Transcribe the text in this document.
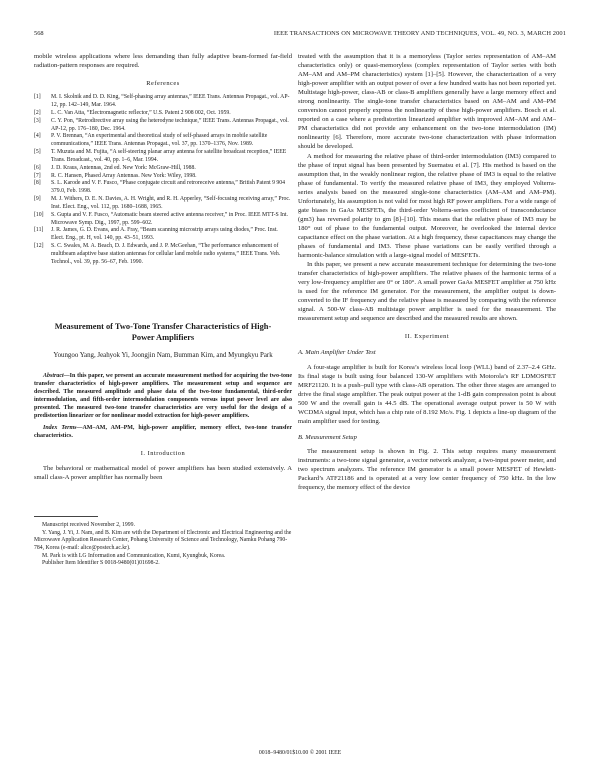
568	IEEE TRANSACTIONS ON MICROWAVE THEORY AND TECHNIQUES, VOL. 49, NO. 3, MARCH 2001

mobile wireless applications where less demanding than fully adaptive beam-formed far-field radiation-pattern responses are required.

References
[1] M. I. Skolnik and D. D. King, “Self-phasing array antennas,” IEEE Trans. Antennas Propagat., vol. AP-12, pp. 142–149, Mar. 1964.
[2] L. C. Van Atta, “Electromagnetic reflector,” U.S. Patent 2 908 002, Oct. 1959.
[3] C. Y. Pon, “Retrodirective array using the heterodyne technique,” IEEE Trans. Antennas Propagat., vol. AP-12, pp. 176–180, Dec. 1964.
[4] P. V. Brennan, “An experimental and theoretical study of self-phased arrays in mobile satellite communications,” IEEE Trans. Antennas Propagat., vol. 37, pp. 1370–1376, Nov. 1989.
[5] T. Muzuta and M. Fujita, “A self-steering planar array antenna for satellite broadcast reception,” IEEE Trans. Broadcast., vol. 40, pp. 1–6, Mar. 1994.
[6] J. D. Kraus, Antennas, 2nd ed. New York: McGraw-Hill, 1988.
[7] R. C. Hansen, Phased Array Antennas. New York: Wiley, 1998.
[8] S. L. Karode and V. F. Fusco, “Phase conjugate circuit and retroreceive antenna,” British Patent 9 904 379.0, Feb. 1998.
[9] M. J. Withers, D. E. N. Davies, A. H. Wright, and R. H. Apperley, “Self-focusing receiving array,” Proc. Inst. Elect. Eng., vol. 112, pp. 1680–1688, 1965.
[10] S. Gupta and V. F. Fusco, “Automatic beam steered active antenna receiver,” in Proc. IEEE MTT-S Int. Microwave Symp. Dig., 1997, pp. 599–602.
[11] J. R. James, G. D. Evans, and A. Fray, “Beam scanning microstrip arrays using diodes,” Proc. Inst. Elect. Eng., pt. H, vol. 140, pp. 43–51, 1993.
[12] S. C. Swales, M. A. Beach, D. J. Edwards, and J. P. McGeehan, “The performance enhancement of multibeam adaptive base station antennas for cellular land mobile radio systems,” IEEE Trans. Veh. Technol., vol. 39, pp. 56–67, Feb. 1990.
Measurement of Two-Tone Transfer Characteristics of High-Power Amplifiers
Youngoo Yang, Jeahyok Yi, Joongjin Nam, Bumman Kim, and Myungkyu Park

Abstract—In this paper, we present an accurate measurement method for acquiring the two-tone transfer characteristics of high-power amplifiers. The measurement setup and sequence are described. The measured amplitude and phase data of the two-tone fundamental, third-order intermodulation, and fifth-order intermodulation components versus input power level are also presented. The measured two-tone transfer characteristics are very useful for the design of a predistortion linearizer or for nonlinear model extraction for high-power amplifiers.

Index Terms—AM–AM, AM–PM, high-power amplifier, memory effect, two-tone transfer characteristics.

I. Introduction

The behavioral or mathematical model of power amplifiers has been studied extensively. A small class-A power amplifier has normally been

Manuscript received November 2, 1999.

Y. Yang, J. Yi, J. Nam, and B. Kim are with the Department of Electronic and Electrical Engineering and the Microwave Application Research Center, Pohang University of Science and Technology, Namku Pohang 790-784, Korea (e-mail: alice@postech.ac.kr).

M. Park is with LG Information and Communication, Kumi, Kyungbuk, Korea.

Publisher Item Identifier S 0018-9480(01)01698-2.

treated with the assumption that it is a memoryless (Taylor series representation of AM–AM characteristics only) or quasi-memoryless (complex representation of Taylor series with both AM–AM and AM–PM characteristics) system [1]–[5]. However, the characterization of a very high-power amplifier with an output power of over a few hundred watts has not been reported yet. Multistage high-power, class-AB or class-B amplifiers generally have a large memory effect and strong nonlinearity. The single-tone transfer characteristics based on AM–AM and AM–PM conversion cannot properly express the nonlinearity of these high-power amplifiers. Bosch et al. reported on a case where a predistortion linearized amplifier with improved AM–AM and AM–PM characteristics did not provide any enhancement on the two-tone intermodulation (IM) nonlinearity [6]. Therefore, more accurate two-tone characterization with phase information should be developed.

A method for measuring the relative phase of third-order intermodulation (IM3) compared to the phase of input signal has been presented by Suematsu et al. [7]. His method is based on the assumption that, in the weakly nonlinear region, the relative phase of IM3 is equal to the relative phase of fundamental. To verify the measured relative phase of IM3, they employed Volterra-series analysis based on the measured single-tone characteristics (AM–AM and AM–PM). Unfortunately, his assumption is not valid for most high RF power amplifiers. For a wide range of gate biases in GaAs MESFETs, the third-order Volterra-series coefficient of transconductance (gm3) has reversed polarity to gm [8]–[10]. This means that the relative phase of IM3 may be 180° out of phase to the fundamental output. Moreover, he overlooked the internal device capacitance effect on the phase variation. At a high frequency, these capacitances may change the phases of fundamental and IM3. These phase variations can be easily verified through a harmonic-balance simulation with a large-signal model of MESFETs.

In this paper, we present a new accurate measurement technique for determining the two-tone transfer characteristics of high-power amplifiers. The relative phases of the harmonic terms of a very low-frequency amplifier are 0° or 180°. A small power GaAs MESFET amplifier at 750 kHz is used for the reference IM generator. For the measurement, the amplifier output is down-converted to the IF frequency and the relative phase is measured by comparing with the reference signal. A 500-W class-AB multistage power amplifier is used for the measurement. The measurement setup and sequence are described and the measured results are shown.

II. Experiment
A. Main Amplifier Under Test

A four-stage amplifier is built for Korea’s wireless local loop (WLL) band of 2.37–2.4 GHz. Its final stage is built using four balanced 130-W amplifiers with Motorola’s RF LDMOSFET MRF21120. It is a push–pull type with class-AB operation. The other three stages are arranged to drive the final stage amplifier. The peak output power at the 1-dB gain compression point is about 500 W and the overall gain is 44.5 dB. The operational average output power is 50 W with WCDMA signal input, which has a chip rate of 8.192 Mc/s. Fig. 1 depicts a line-up diagram of the main amplifier used for testing.

B. Measurement Setup

The measurement setup is shown in Fig. 2. This setup requires many measurement instruments: a two-tone signal generator, a vector network analyzer, a two-input power meter, and two spectrum analyzers. The reference IM generator is a small power MESFET of Hewlett-Packard’s ATF21186 and is operated at a very low center frequency of 750 kHz. In the low frequency, the memory effect of the device

0018–9480/01$10.00 © 2001 IEEE
